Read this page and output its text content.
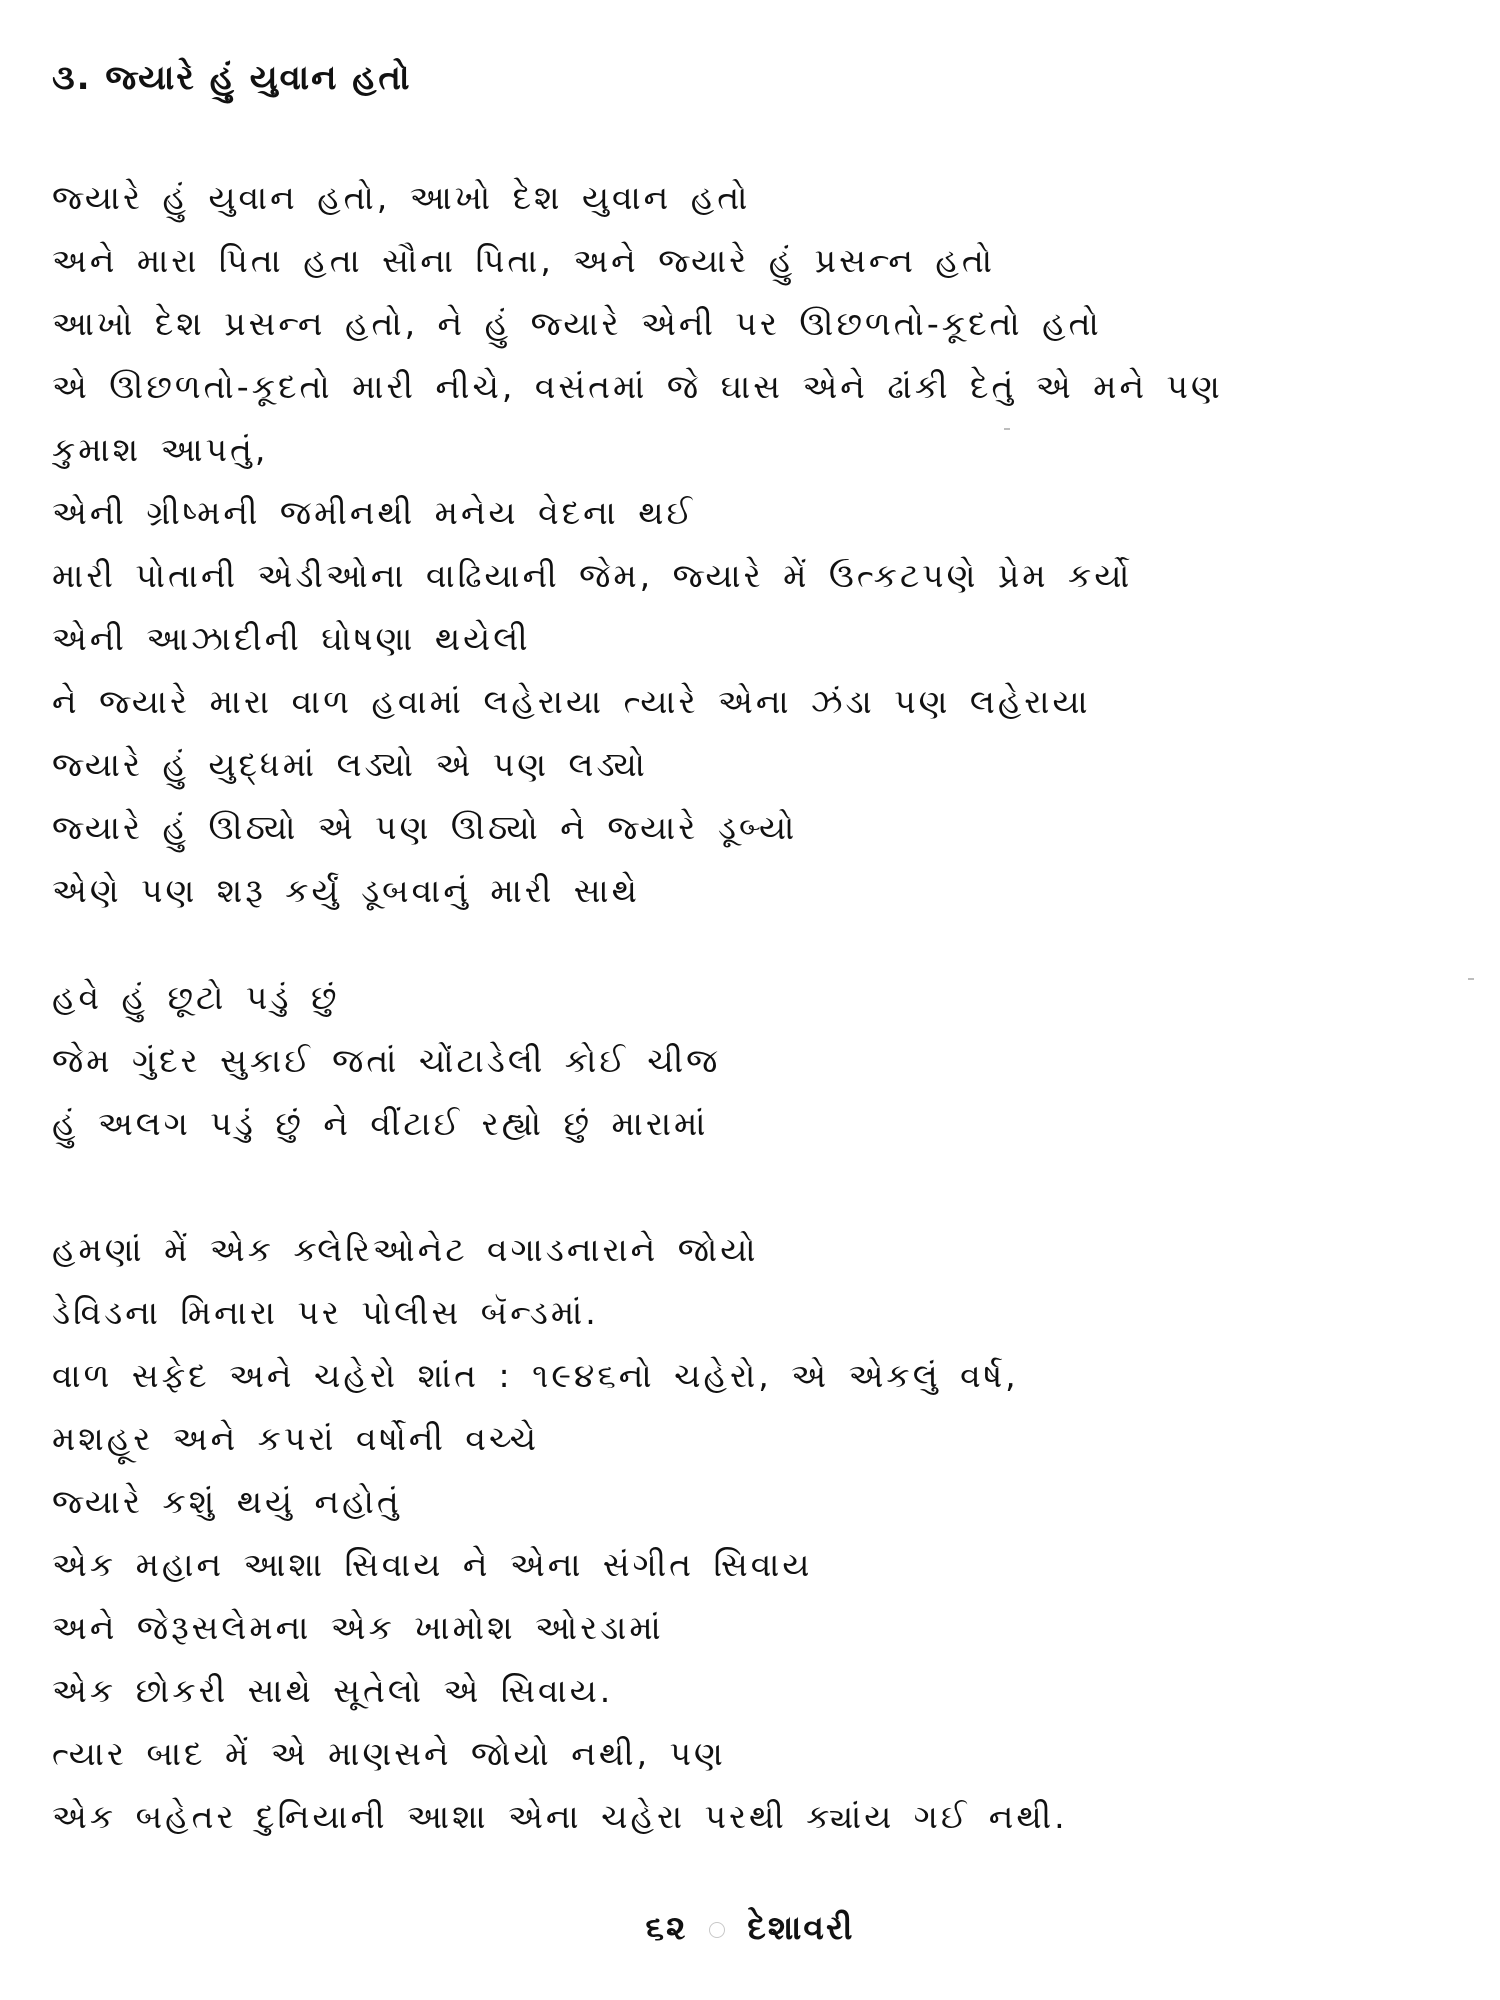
૩. જ્યારે હું યુવાન હતો
જ્યારે હું યુવાન હતો, આખો દેશ યુવાન હતો
અને મારા પિતા હતા સૌના પિતા, અને જ્યારે હું પ્રસન્ન હતો
આખો દેશ પ્રસન્ન હતો, ને હું જ્યારે એની પર ઊછળતો-કૂદતો હતો
એ ઊછળતો-કૂદતો મારી નીચે, વસંતમાં જે ઘાસ એને ઢાંકી દેતું એ મને પણ
કુમાશ આપતું,
એની ગ્રીષ્મની જમીનથી મનેય વેદના થઈ
મારી પોતાની એડીઓના વાઢિયાની જેમ, જ્યારે મેં ઉત્કટપણે પ્રેમ કર્યો
એની આઝાદીની ઘોષણા થયેલી
ને જ્યારે મારા વાળ હવામાં લહેરાયા ત્યારે એના ઝંડા પણ લહેરાયા
જ્યારે હું યુદ્ધમાં લડ્યો એ પણ લડ્યો
જ્યારે હું ઊઠ્યો એ પણ ઊઠ્યો ને જ્યારે ડૂબ્યો
એણે પણ શરૂ કર્યું ડૂબવાનું મારી સાથે
હવે હું છૂટો પડું છું
જેમ ગુંદર સુકાઈ જતાં ચોંટાડેલી કોઈ ચીજ
હું અલગ પડું છું ને વીંટાઈ રહ્યો છું મારામાં
હમણાં મેં એક ક્લેરિઓનેટ વગાડનારાને જોયો
ડેવિડના મિનારા પર પોલીસ બૅન્ડમાં.
વાળ સફેદ અને ચહેરો શાંત : ૧૯૪૬નો ચહેરો, એ એકલું વર્ષ,
મશહૂર અને કપરાં વર્ષોની વચ્ચે
જ્યારે કશું થયું નહોતું
એક મહાન આશા સિવાય ને એના સંગીત સિવાય
અને જેરૂસલેમના એક ખામોશ ઓરડામાં
એક છોકરી સાથે સૂતેલો એ સિવાય.
ત્યાર બાદ મેં એ માણસને જોયો નથી, પણ
એક બહેતર દુનિયાની આશા એના ચહેરા પરથી ક્યાંય ગઈ નથી.
૬૨ દેશાવરી
